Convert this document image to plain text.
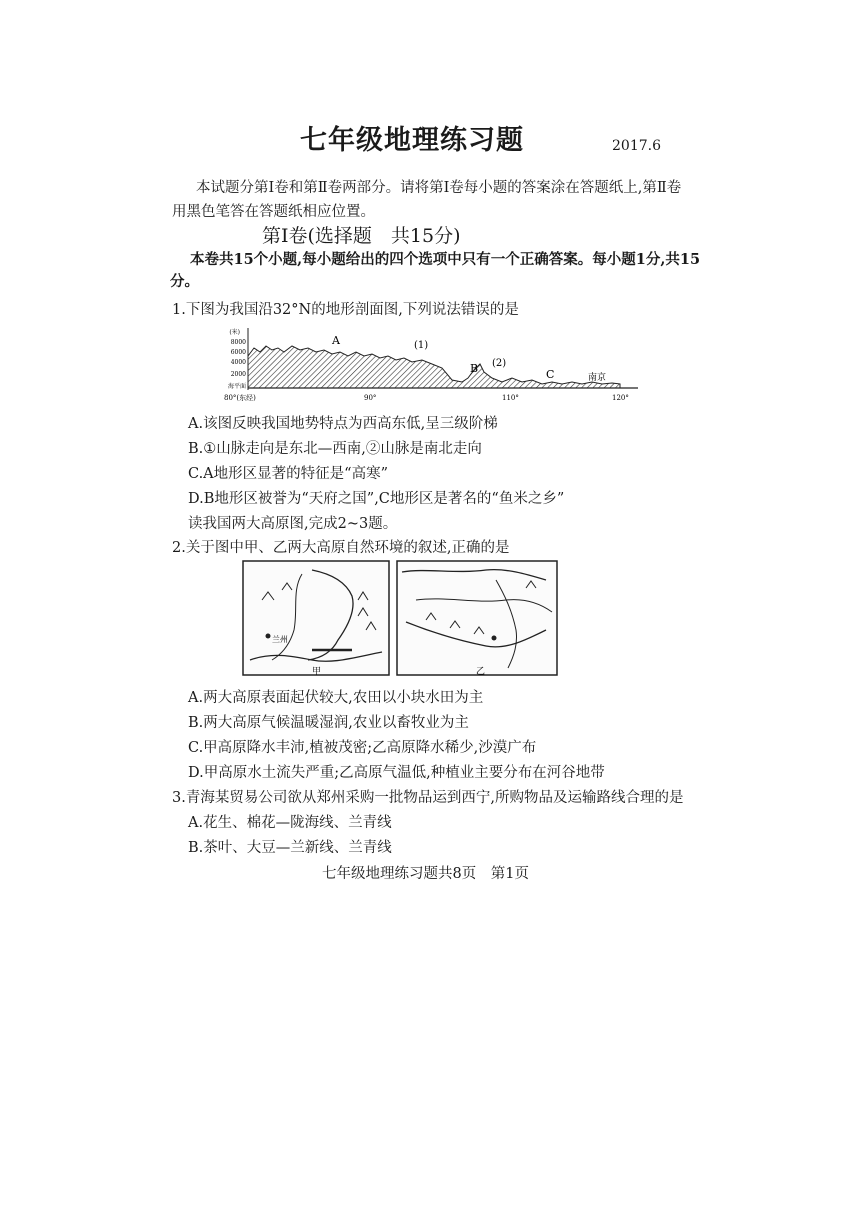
七年级地理练习题	2017.6
本试题分第Ⅰ卷和第Ⅱ卷两部分。请将第Ⅰ卷每小题的答案涂在答题纸上,第Ⅱ卷
用黑色笔答在答题纸相应位置。
第Ⅰ卷(选择题　共15分)
本卷共15个小题,每小题给出的四个选项中只有一个正确答案。每小题1分,共15
分。
1.下图为我国沿32°N的地形剖面图,下列说法错误的是
(米)
8000
6000
4000
2000
海平面
80°(东经)	90°	110°	120°
A	(1)
B (2)
C	南京
A.该图反映我国地势特点为西高东低,呈三级阶梯
B.①山脉走向是东北—西南,②山脉是南北走向
C.A地形区显著的特征是“高寒”
D.B地形区被誉为“天府之国”,C地形区是著名的“鱼米之乡”
读我国两大高原图,完成2~3题。
2.关于图中甲、乙两大高原自然环境的叙述,正确的是
兰州
甲	乙
A.两大高原表面起伏较大,农田以小块水田为主
B.两大高原气候温暖湿润,农业以畜牧业为主
C.甲高原降水丰沛,植被茂密;乙高原降水稀少,沙漠广布
D.甲高原水土流失严重;乙高原气温低,种植业主要分布在河谷地带
3.青海某贸易公司欲从郑州采购一批物品运到西宁,所购物品及运输路线合理的是
A.花生、棉花—陇海线、兰青线
B.茶叶、大豆—兰新线、兰青线
七年级地理练习题共8页　第1页
